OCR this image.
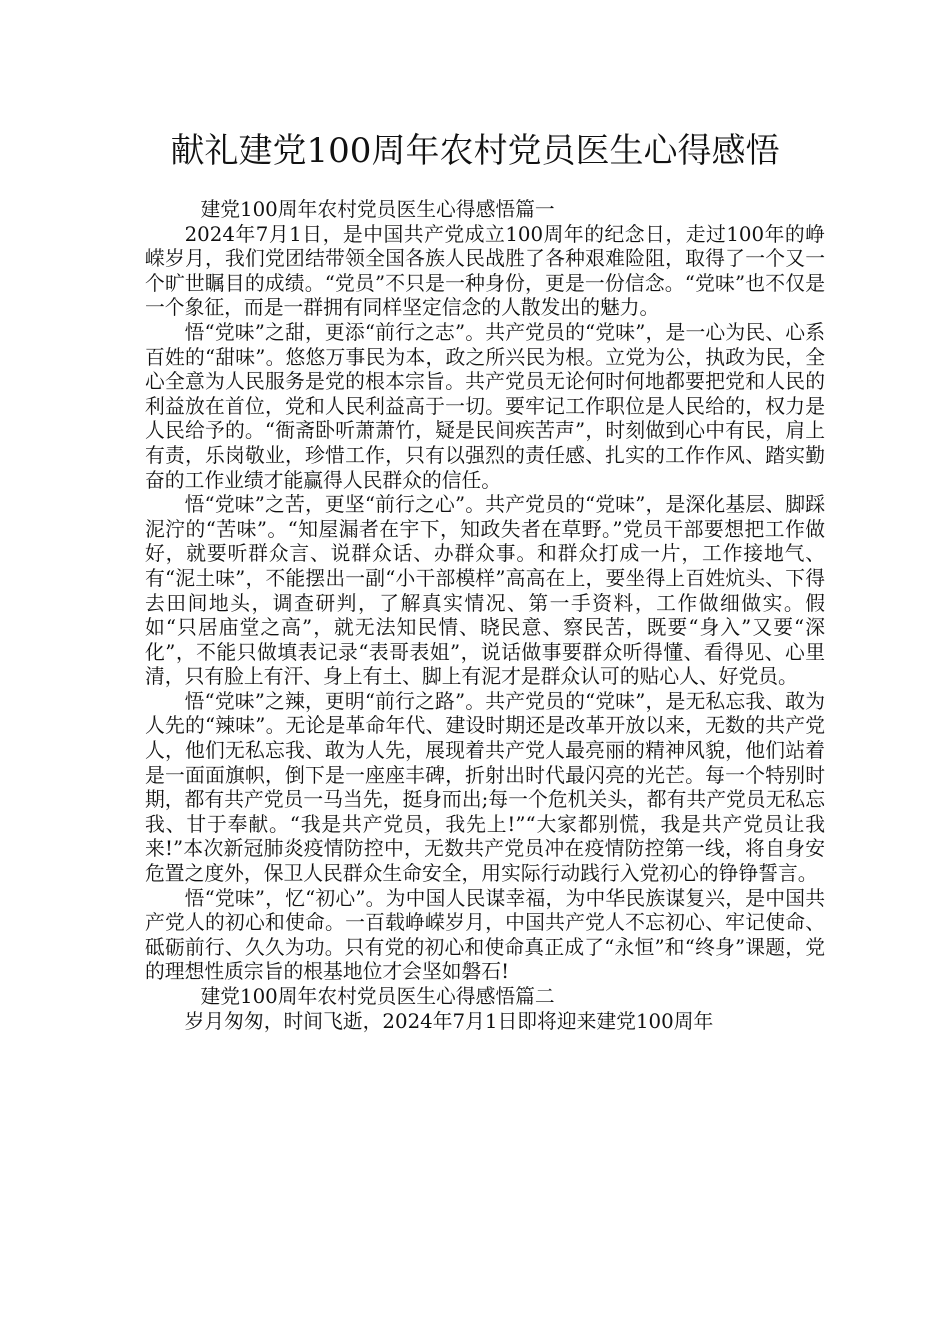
献礼建党100周年农村党员医生心得感悟

建党100周年农村党员医生心得感悟篇一

2024年7月1日，是中国共产党成立100周年的纪念日，走过100年的峥嵘岁月，我们党团结带领全国各族人民战胜了各种艰难险阻，取得了一个又一个旷世瞩目的成绩。“党员”不只是一种身份，更是一份信念。“党味”也不仅是一个象征，而是一群拥有同样坚定信念的人散发出的魅力。

悟“党味”之甜，更添“前行之志”。共产党员的“党味”，是一心为民、心系百姓的“甜味”。悠悠万事民为本，政之所兴民为根。立党为公，执政为民，全心全意为人民服务是党的根本宗旨。共产党员无论何时何地都要把党和人民的利益放在首位，党和人民利益高于一切。要牢记工作职位是人民给的，权力是人民给予的。“衙斋卧听萧萧竹，疑是民间疾苦声”，时刻做到心中有民，肩上有责，乐岗敬业，珍惜工作，只有以强烈的责任感、扎实的工作作风、踏实勤奋的工作业绩才能赢得人民群众的信任。

悟“党味”之苦，更坚“前行之心”。共产党员的“党味”，是深化基层、脚踩泥泞的“苦味”。“知屋漏者在宇下，知政失者在草野。”党员干部要想把工作做好，就要听群众言、说群众话、办群众事。和群众打成一片，工作接地气、有“泥土味”，不能摆出一副“小干部模样”高高在上，要坐得上百姓炕头、下得去田间地头，调查研判，了解真实情况、第一手资料，工作做细做实。假如“只居庙堂之高”，就无法知民情、晓民意、察民苦，既要“身入”又要“深化”，不能只做填表记录“表哥表姐”，说话做事要群众听得懂、看得见、心里清，只有脸上有汗、身上有土、脚上有泥才是群众认可的贴心人、好党员。

悟“党味”之辣，更明“前行之路”。共产党员的“党味”，是无私忘我、敢为人先的“辣味”。无论是革命年代、建设时期还是改革开放以来，无数的共产党人，他们无私忘我、敢为人先，展现着共产党人最亮丽的精神风貌，他们站着是一面面旗帜，倒下是一座座丰碑，折射出时代最闪亮的光芒。每一个特别时期，都有共产党员一马当先，挺身而出;每一个危机关头，都有共产党员无私忘我、甘于奉献。“我是共产党员，我先上!”“大家都别慌，我是共产党员让我来!”本次新冠肺炎疫情防控中，无数共产党员冲在疫情防控第一线，将自身安危置之度外，保卫人民群众生命安全，用实际行动践行入党初心的铮铮誓言。

悟“党味”，忆“初心”。为中国人民谋幸福，为中华民族谋复兴，是中国共产党人的初心和使命。一百载峥嵘岁月，中国共产党人不忘初心、牢记使命、砥砺前行、久久为功。只有党的初心和使命真正成了“永恒”和“终身”课题，党的理想性质宗旨的根基地位才会坚如磐石!

建党100周年农村党员医生心得感悟篇二

岁月匆匆，时间飞逝，2024年7月1日即将迎来建党100周年
